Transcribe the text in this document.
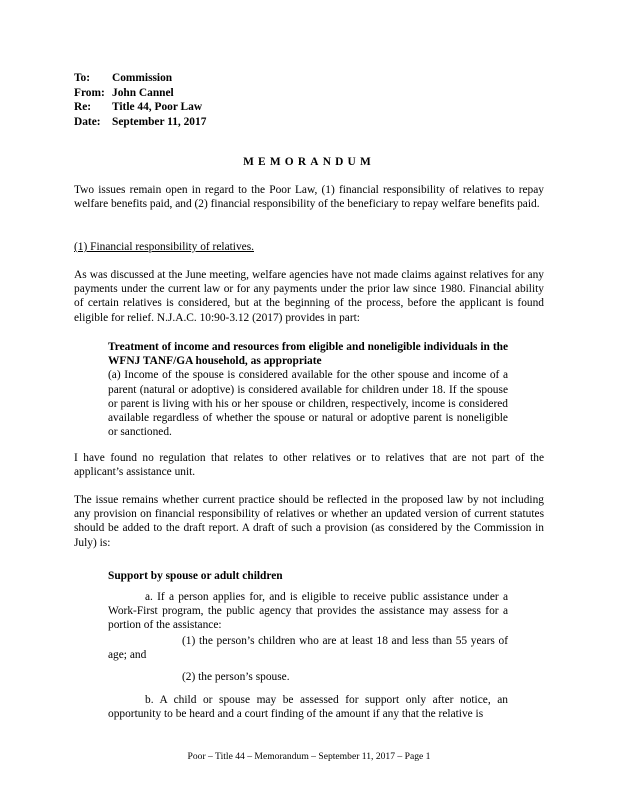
To:	Commission
From: John Cannel
Re:	Title 44, Poor Law
Date:	September 11, 2017
MEMORANDUM

Two issues remain open in regard to the Poor Law, (1) financial responsibility of relatives to repay welfare benefits paid, and (2) financial responsibility of the beneficiary to repay welfare benefits paid.

(1) Financial responsibility of relatives.

As was discussed at the June meeting, welfare agencies have not made claims against relatives for any payments under the current law or for any payments under the prior law since 1980. Financial ability of certain relatives is considered, but at the beginning of the process, before the applicant is found eligible for relief. N.J.A.C. 10:90-3.12 (2017) provides in part:

Treatment of income and resources from eligible and noneligible individuals in the WFNJ TANF/GA household, as appropriate

(a) Income of the spouse is considered available for the other spouse and income of a parent (natural or adoptive) is considered available for children under 18. If the spouse or parent is living with his or her spouse or children, respectively, income is considered available regardless of whether the spouse or natural or adoptive parent is noneligible or sanctioned.

I have found no regulation that relates to other relatives or to relatives that are not part of the applicant’s assistance unit.

The issue remains whether current practice should be reflected in the proposed law by not including any provision on financial responsibility of relatives or whether an updated version of current statutes should be added to the draft report. A draft of such a provision (as considered by the Commission in July) is:

Support by spouse or adult children

a. If a person applies for, and is eligible to receive public assistance under a Work-First program, the public agency that provides the assistance may assess for a portion of the assistance:

(1) the person’s children who are at least 18 and less than 55 years of age; and

(2) the person’s spouse.

b. A child or spouse may be assessed for support only after notice, an opportunity to be heard and a court finding of the amount if any that the relative is

Poor – Title 44 – Memorandum – September 11, 2017 – Page 1
